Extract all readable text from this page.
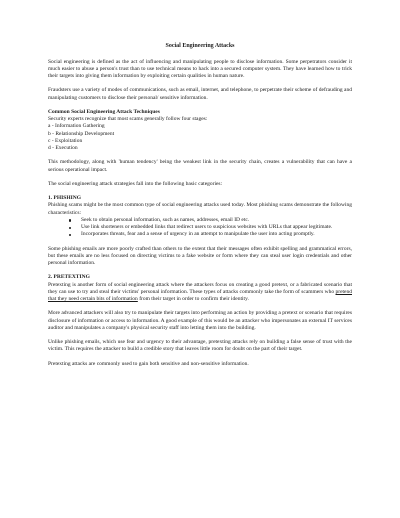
Social Engineering Attacks

Social engineering is defined as the act of influencing and manipulating people to disclose information. Some perpetrators consider it much easier to abuse a person's trust than to use technical means to hack into a secured computer system. They have learned how to trick their targets into giving them information by exploiting certain qualities in human nature.

Fraudsters use a variety of modes of communications, such as email, internet, and telephone, to perpetrate their scheme of defrauding and manipulating customers to disclose their personal/ sensitive information.

Common Social Engineering Attack Techniques

Security experts recognize that most scams generally follow four stages:

a - Information Gathering

b - Relationship Development

c - Exploitation

d - Execution

This methodology, along with 'human tendency' being the weakest link in the security chain, creates a vulnerability that can have a serious operational impact.

The social engineering attack strategies fall into the following basic categories:

1. PHISHING

Phishing scams might be the most common type of social engineering attacks used today. Most phishing scams demonstrate the following characteristics:

Seek to obtain personal information, such as names, addresses, email ID etc.
Use link shorteners or embedded links that redirect users to suspicious websites with URLs that appear legitimate.
Incorporates threats, fear and a sense of urgency in an attempt to manipulate the user into acting promptly.

Some phishing emails are more poorly crafted than others to the extent that their messages often exhibit spelling and grammatical errors, but these emails are no less focused on directing victims to a fake website or form where they can steal user login credentials and other personal information.

2. PRETEXTING

Pretexting is another form of social engineering attack where the attackers focus on creating a good pretext, or a fabricated scenario that they can use to try and steal their victims' personal information. These types of attacks commonly take the form of scammers who pretend that they need certain bits of information from their target in order to confirm their identity.

More advanced attackers will also try to manipulate their targets into performing an action by providing a pretext or scenario that requires disclosure of information or access to information. A good example of this would be an attacker who impersonates an external IT services auditor and manipulates a company's physical security staff into letting them into the building.

Unlike phishing emails, which use fear and urgency to their advantage, pretexting attacks rely on building a false sense of trust with the victim. This requires the attacker to build a credible story that leaves little room for doubt on the part of their target.

Pretexting attacks are commonly used to gain both sensitive and non-sensitive information.
